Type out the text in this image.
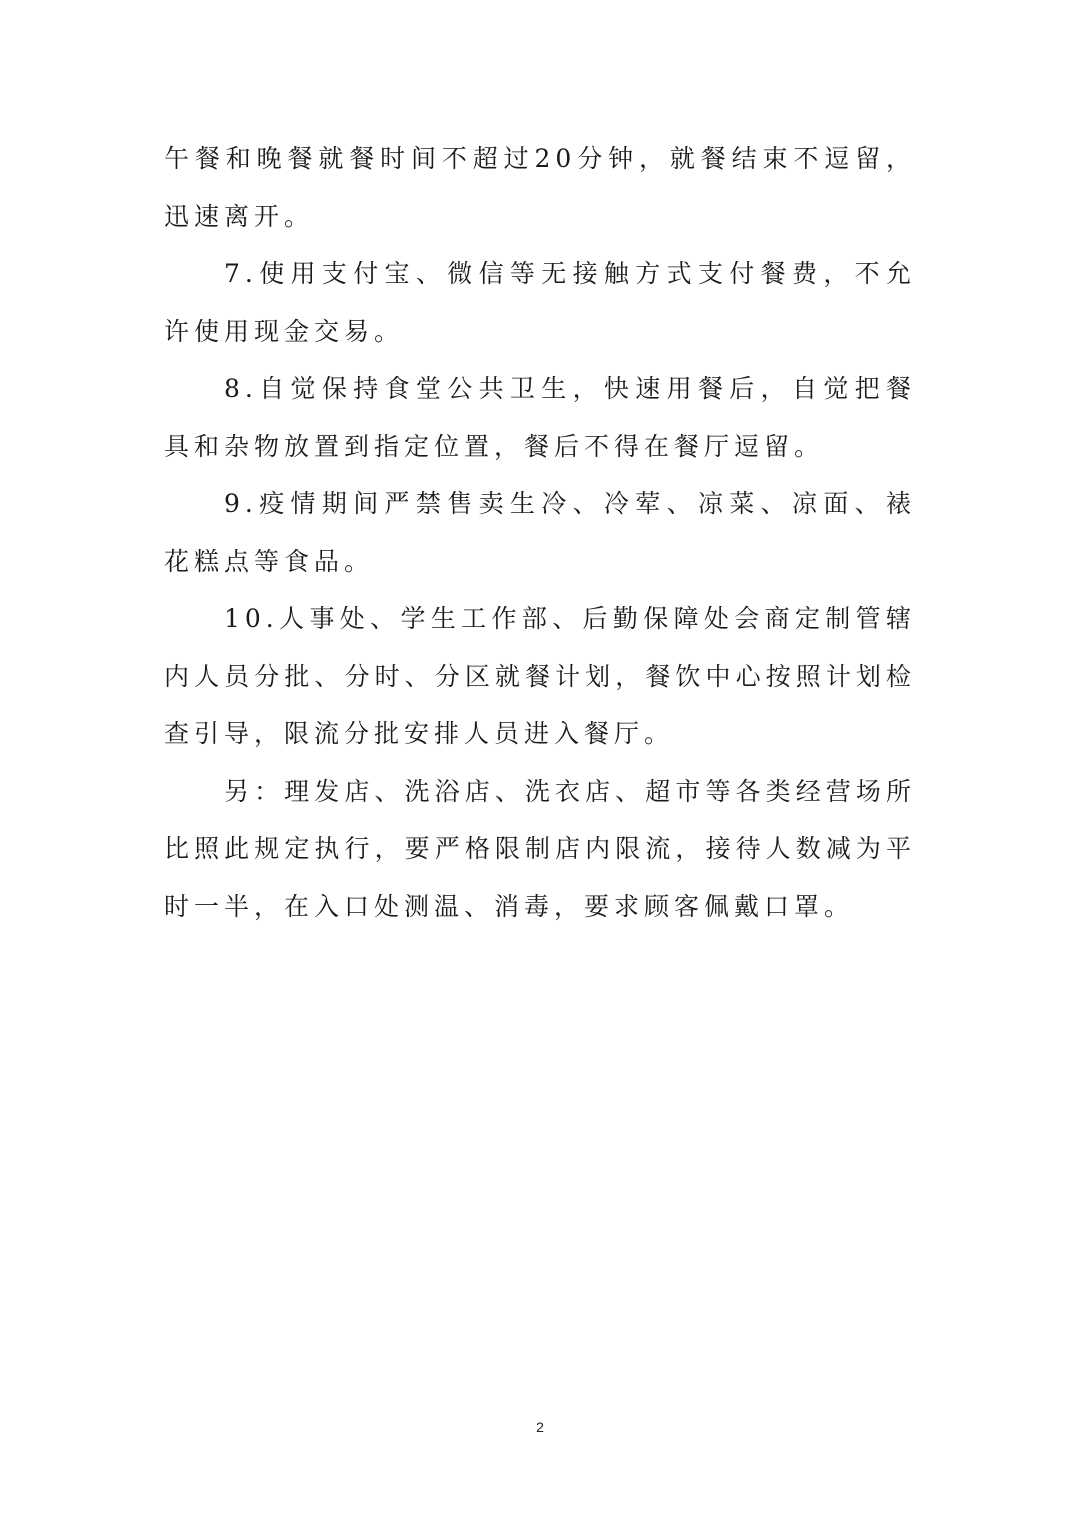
午餐和晚餐就餐时间不超过20分钟，就餐结束不逗留，迅速离开。

7.使用支付宝、微信等无接触方式支付餐费，不允许使用现金交易。

8.自觉保持食堂公共卫生，快速用餐后，自觉把餐具和杂物放置到指定位置，餐后不得在餐厅逗留。

9.疫情期间严禁售卖生冷、冷荤、凉菜、凉面、裱花糕点等食品。

10.人事处、学生工作部、后勤保障处会商定制管辖内人员分批、分时、分区就餐计划，餐饮中心按照计划检查引导，限流分批安排人员进入餐厅。

另：理发店、洗浴店、洗衣店、超市等各类经营场所比照此规定执行，要严格限制店内限流，接待人数减为平时一半，在入口处测温、消毒，要求顾客佩戴口罩。

2
